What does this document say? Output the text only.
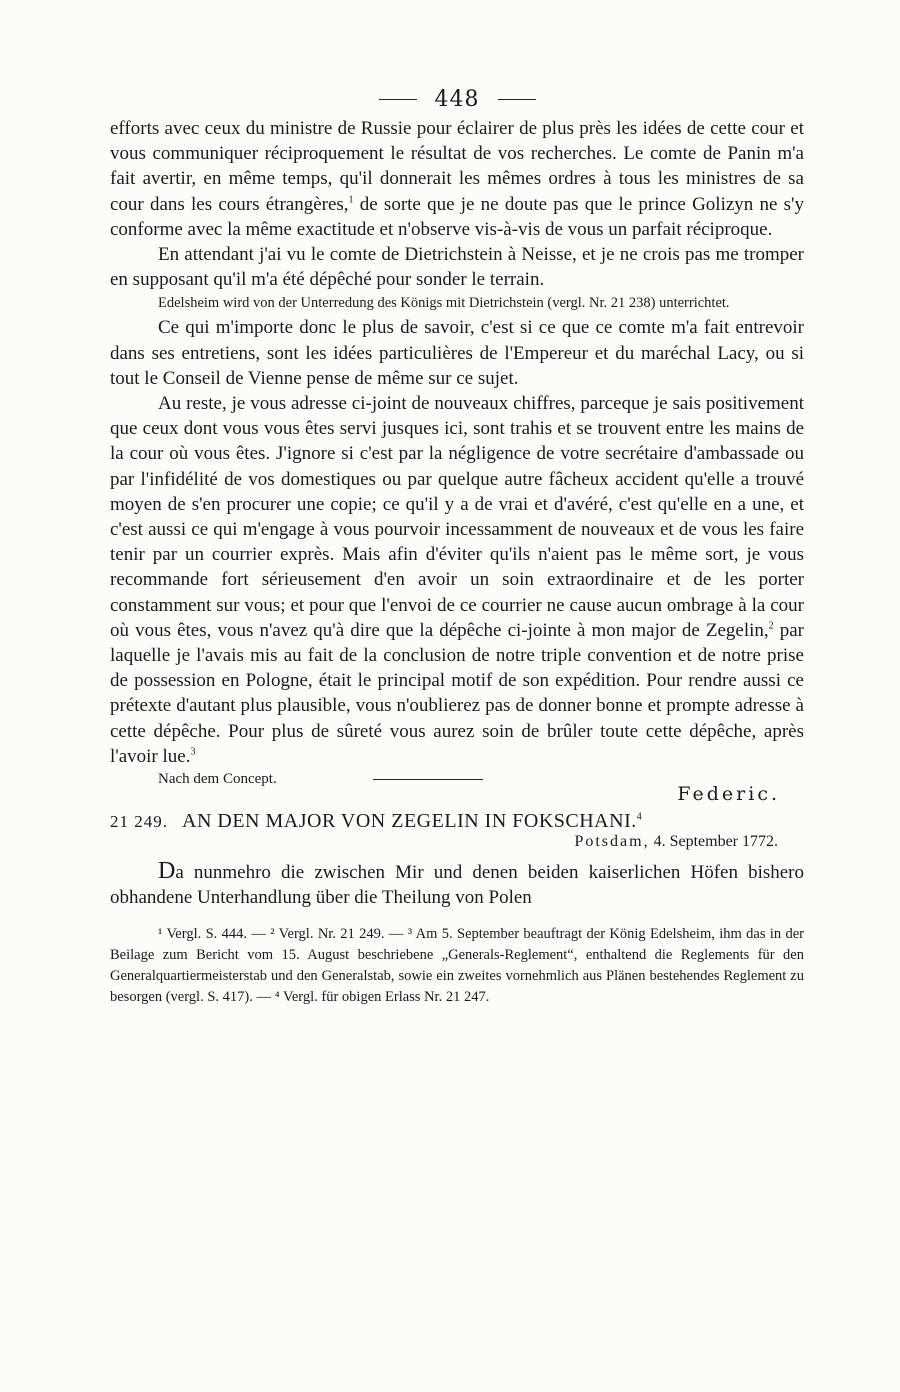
448

efforts avec ceux du ministre de Russie pour éclairer de plus près les idées de cette cour et vous communiquer réciproquement le résultat de vos recherches. Le comte de Panin m'a fait avertir, en même temps, qu'il donnerait les mêmes ordres à tous les ministres de sa cour dans les cours étrangères,$^1$ de sorte que je ne doute pas que le prince Golizyn ne s'y conforme avec la même exactitude et n'observe vis-à-vis de vous un parfait réciproque.

En attendant j'ai vu le comte de Dietrichstein à Neisse, et je ne crois pas me tromper en supposant qu'il m'a été dépêché pour sonder le terrain.

Edelsheim wird von der Unterredung des Königs mit Dietrichstein (vergl. Nr. 21 238) unterrichtet.

Ce qui m'importe donc le plus de savoir, c'est si ce que ce comte m'a fait entrevoir dans ses entretiens, sont les idées particulières de l'Empereur et du maréchal Lacy, ou si tout le Conseil de Vienne pense de même sur ce sujet.

Au reste, je vous adresse ci-joint de nouveaux chiffres, parceque je sais positivement que ceux dont vous vous êtes servi jusques ici, sont trahis et se trouvent entre les mains de la cour où vous êtes. J'ignore si c'est par la négligence de votre secrétaire d'ambassade ou par l'infidélité de vos domestiques ou par quelque autre fâcheux accident qu'elle a trouvé moyen de s'en procurer une copie; ce qu'il y a de vrai et d'avéré, c'est qu'elle en a une, et c'est aussi ce qui m'engage à vous pourvoir incessamment de nouveaux et de vous les faire tenir par un courrier exprès. Mais afin d'éviter qu'ils n'aient pas le même sort, je vous recommande fort sérieusement d'en avoir un soin extraordinaire et de les porter constamment sur vous; et pour que l'envoi de ce courrier ne cause aucun ombrage à la cour où vous êtes, vous n'avez qu'à dire que la dépêche ci-jointe à mon major de Zegelin,$^2$ par laquelle je l'avais mis au fait de la conclusion de notre triple convention et de notre prise de possession en Pologne, était le principal motif de son expédition. Pour rendre aussi ce prétexte d'autant plus plausible, vous n'oublierez pas de donner bonne et prompte adresse à cette dépêche. Pour plus de sûreté vous aurez soin de brûler toute cette dépêche, après l'avoir lue.$^3$

Federic.
Nach dem Concept.
21 249. AN DEN MAJOR VON ZEGELIN IN FOKSCHANI.$^4$
Potsdam, 4. September 1772.

Da nunmehro die zwischen Mir und denen beiden kaiserlichen Höfen bishero obhandene Unterhandlung über die Theilung von Polen

¹ Vergl. S. 444. — ² Vergl. Nr. 21 249. — ³ Am 5. September beauftragt der König Edelsheim, ihm das in der Beilage zum Bericht vom 15. August beschriebene „Generals-Reglement“, enthaltend die Reglements für den Generalquartiermeisterstab und den Generalstab, sowie ein zweites vornehmlich aus Plänen bestehendes Reglement zu besorgen (vergl. S. 417). — ⁴ Vergl. für obigen Erlass Nr. 21 247.
